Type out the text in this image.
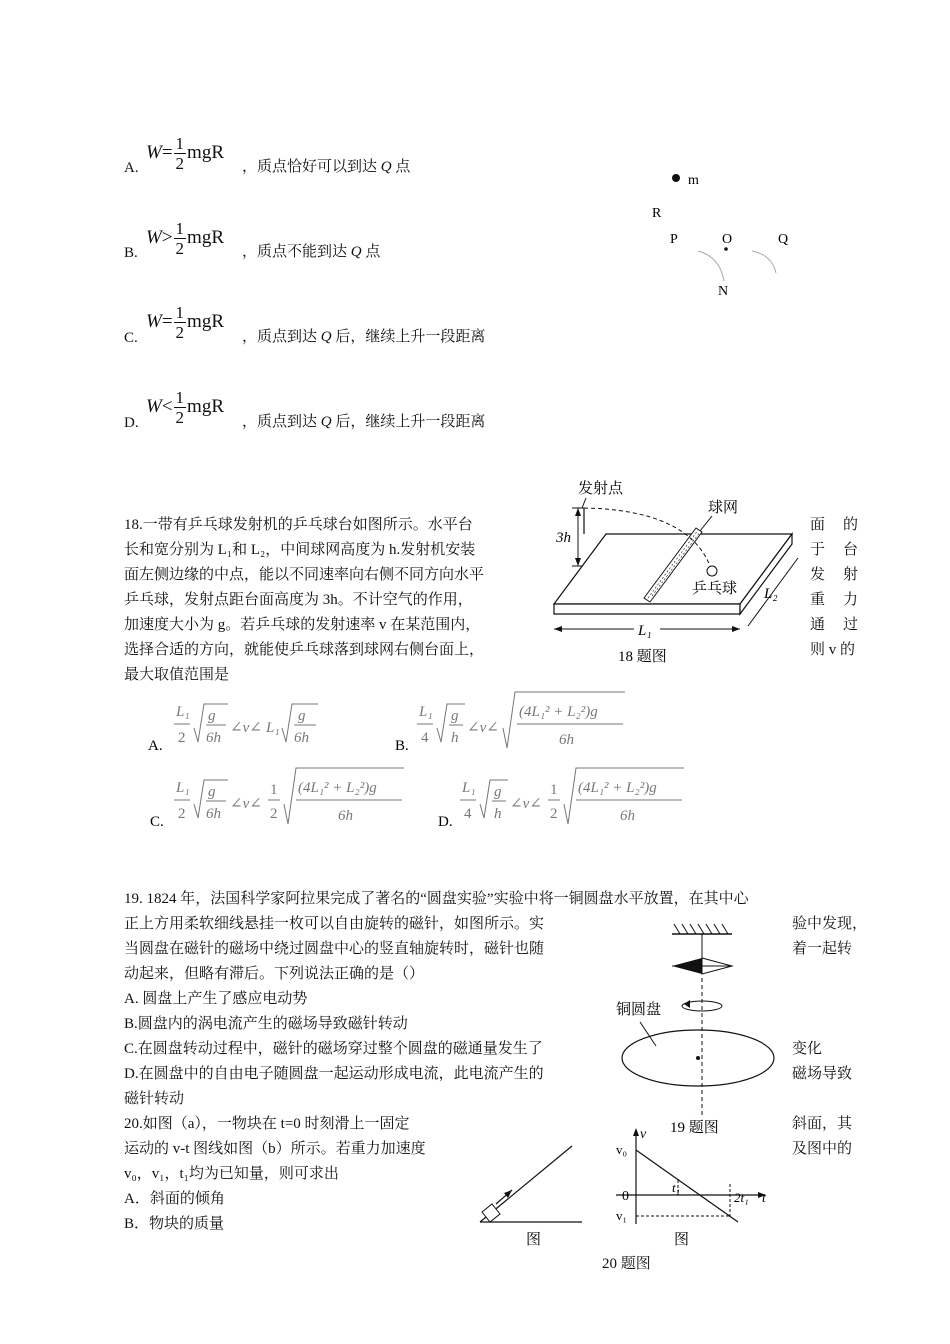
$W= \frac{1}{2}$ mgR
A.	，质点恰好可以到达 Q 点
$W> \frac{1}{2}$ mgR
B.	，质点不能到达 Q 点
$W= \frac{1}{2}$ mgR
C.	，质点到达 Q 后，继续上升一段距离
$W< \frac{1}{2}$ mgR
D.	，质点到达 Q 后，继续上升一段距离
m
R
P	O	Q
N
18.一带有乒乓球发射机的乒乓球台如图所示。水平台
长和宽分别为 L₁和 L₂，中间球网高度为 h.发射机安装
面左侧边缘的中点，能以不同速率向右侧不同方向水平
乒乓球，发射点距台面高度为 3h。不计空气的作用，
加速度大小为 g。若乒乓球的发射速率 v 在某范围内，
选择合适的方向，就能使乒乓球落到球网右侧台面上，
最大取值范围是
面 的
于 台
发 射
重 力
通 过
则 v 的
发射点
球网
3h
乒乓球
L₁
L₂
18 题图
A.
L₁
2
g
6h
∠v∠ L₁
g
6h	B.
L₁
4
g
h
∠v∠
(4L₁² + L₂²)g
6h
C.
L₁
2
g
6h
∠v∠
1
2
(4L₁² + L₂²)g
6h	D.
L₁
4
g
h
∠v∠
1
2
(4L₁² + L₂²)g
6h
19. 1824 年，法国科学家阿拉果完成了著名的“圆盘实验”实验中将一铜圆盘水平放置，在其中心
正上方用柔软细线悬挂一枚可以自由旋转的磁针，如图所示。实	验中发现，
当圆盘在磁针的磁场中绕过圆盘中心的竖直轴旋转时，磁针也随	着一起转
动起来，但略有滞后。下列说法正确的是（）
A. 圆盘上产生了感应电动势
B.圆盘内的涡电流产生的磁场导致磁针转动
C.在圆盘转动过程中，磁针的磁场穿过整个圆盘的磁通量发生了	变化
D.在圆盘中的自由电子随圆盘一起运动形成电流，此电流产生的	磁场导致
磁针转动
铜圆盘
19 题图
20.如图（a），一物块在 t=0 时刻滑上一固定	斜面，其
运动的 v-t 图线如图（b）所示。若重力加速度	及图中的
v₀，v₁，t₁均为已知量，则可求出
A．斜面的倾角
B．物块的质量
图
v
v₀
0
t₁
2t₁ t
v₁
图
20 题图
